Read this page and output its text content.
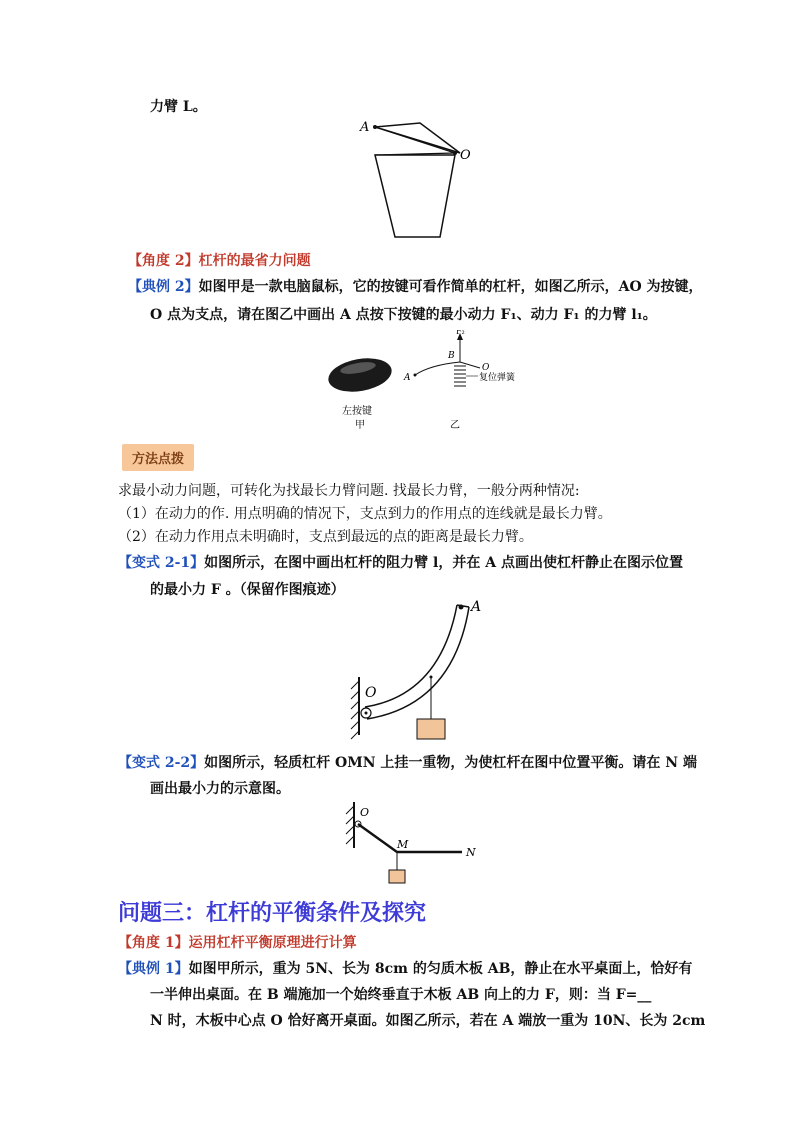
力臂 L。
A
O
【角度 2】杠杆的最省力问题
【典例 2】如图甲是一款电脑鼠标，它的按键可看作简单的杠杆，如图乙所示，AO 为按键，
O 点为支点，请在图乙中画出 A 点按下按键的最小动力 F₁、动力 F₁ 的力臂 l₁。
左按键
甲
A
B
O
F₂
复位弹簧
乙
方法点拨
求最小动力问题，可转化为找最长力臂问题. 找最长力臂，一般分两种情况:
（1）在动力的作. 用点明确的情况下，支点到力的作用点的连线就是最长力臂。
（2）在动力作用点未明确时，支点到最远的点的距离是最长力臂。
【变式 2-1】如图所示，在图中画出杠杆的阻力臂 l，并在 A 点画出使杠杆静止在图示位置
的最小力 F 。（保留作图痕迹）
A
O
【变式 2-2】如图所示，轻质杠杆 OMN 上挂一重物，为使杠杆在图中位置平衡。请在 N 端
画出最小力的示意图。
O
M
N
问题三：杠杆的平衡条件及探究
【角度 1】运用杠杆平衡原理进行计算
【典例 1】如图甲所示，重为 5N、长为 8cm 的匀质木板 AB，静止在水平桌面上，恰好有
一半伸出桌面。在 B 端施加一个始终垂直于木板 AB 向上的力 F，则：当 F=__
N 时，木板中心点 O 恰好离开桌面。如图乙所示，若在 A 端放一重为 10N、长为 2cm
